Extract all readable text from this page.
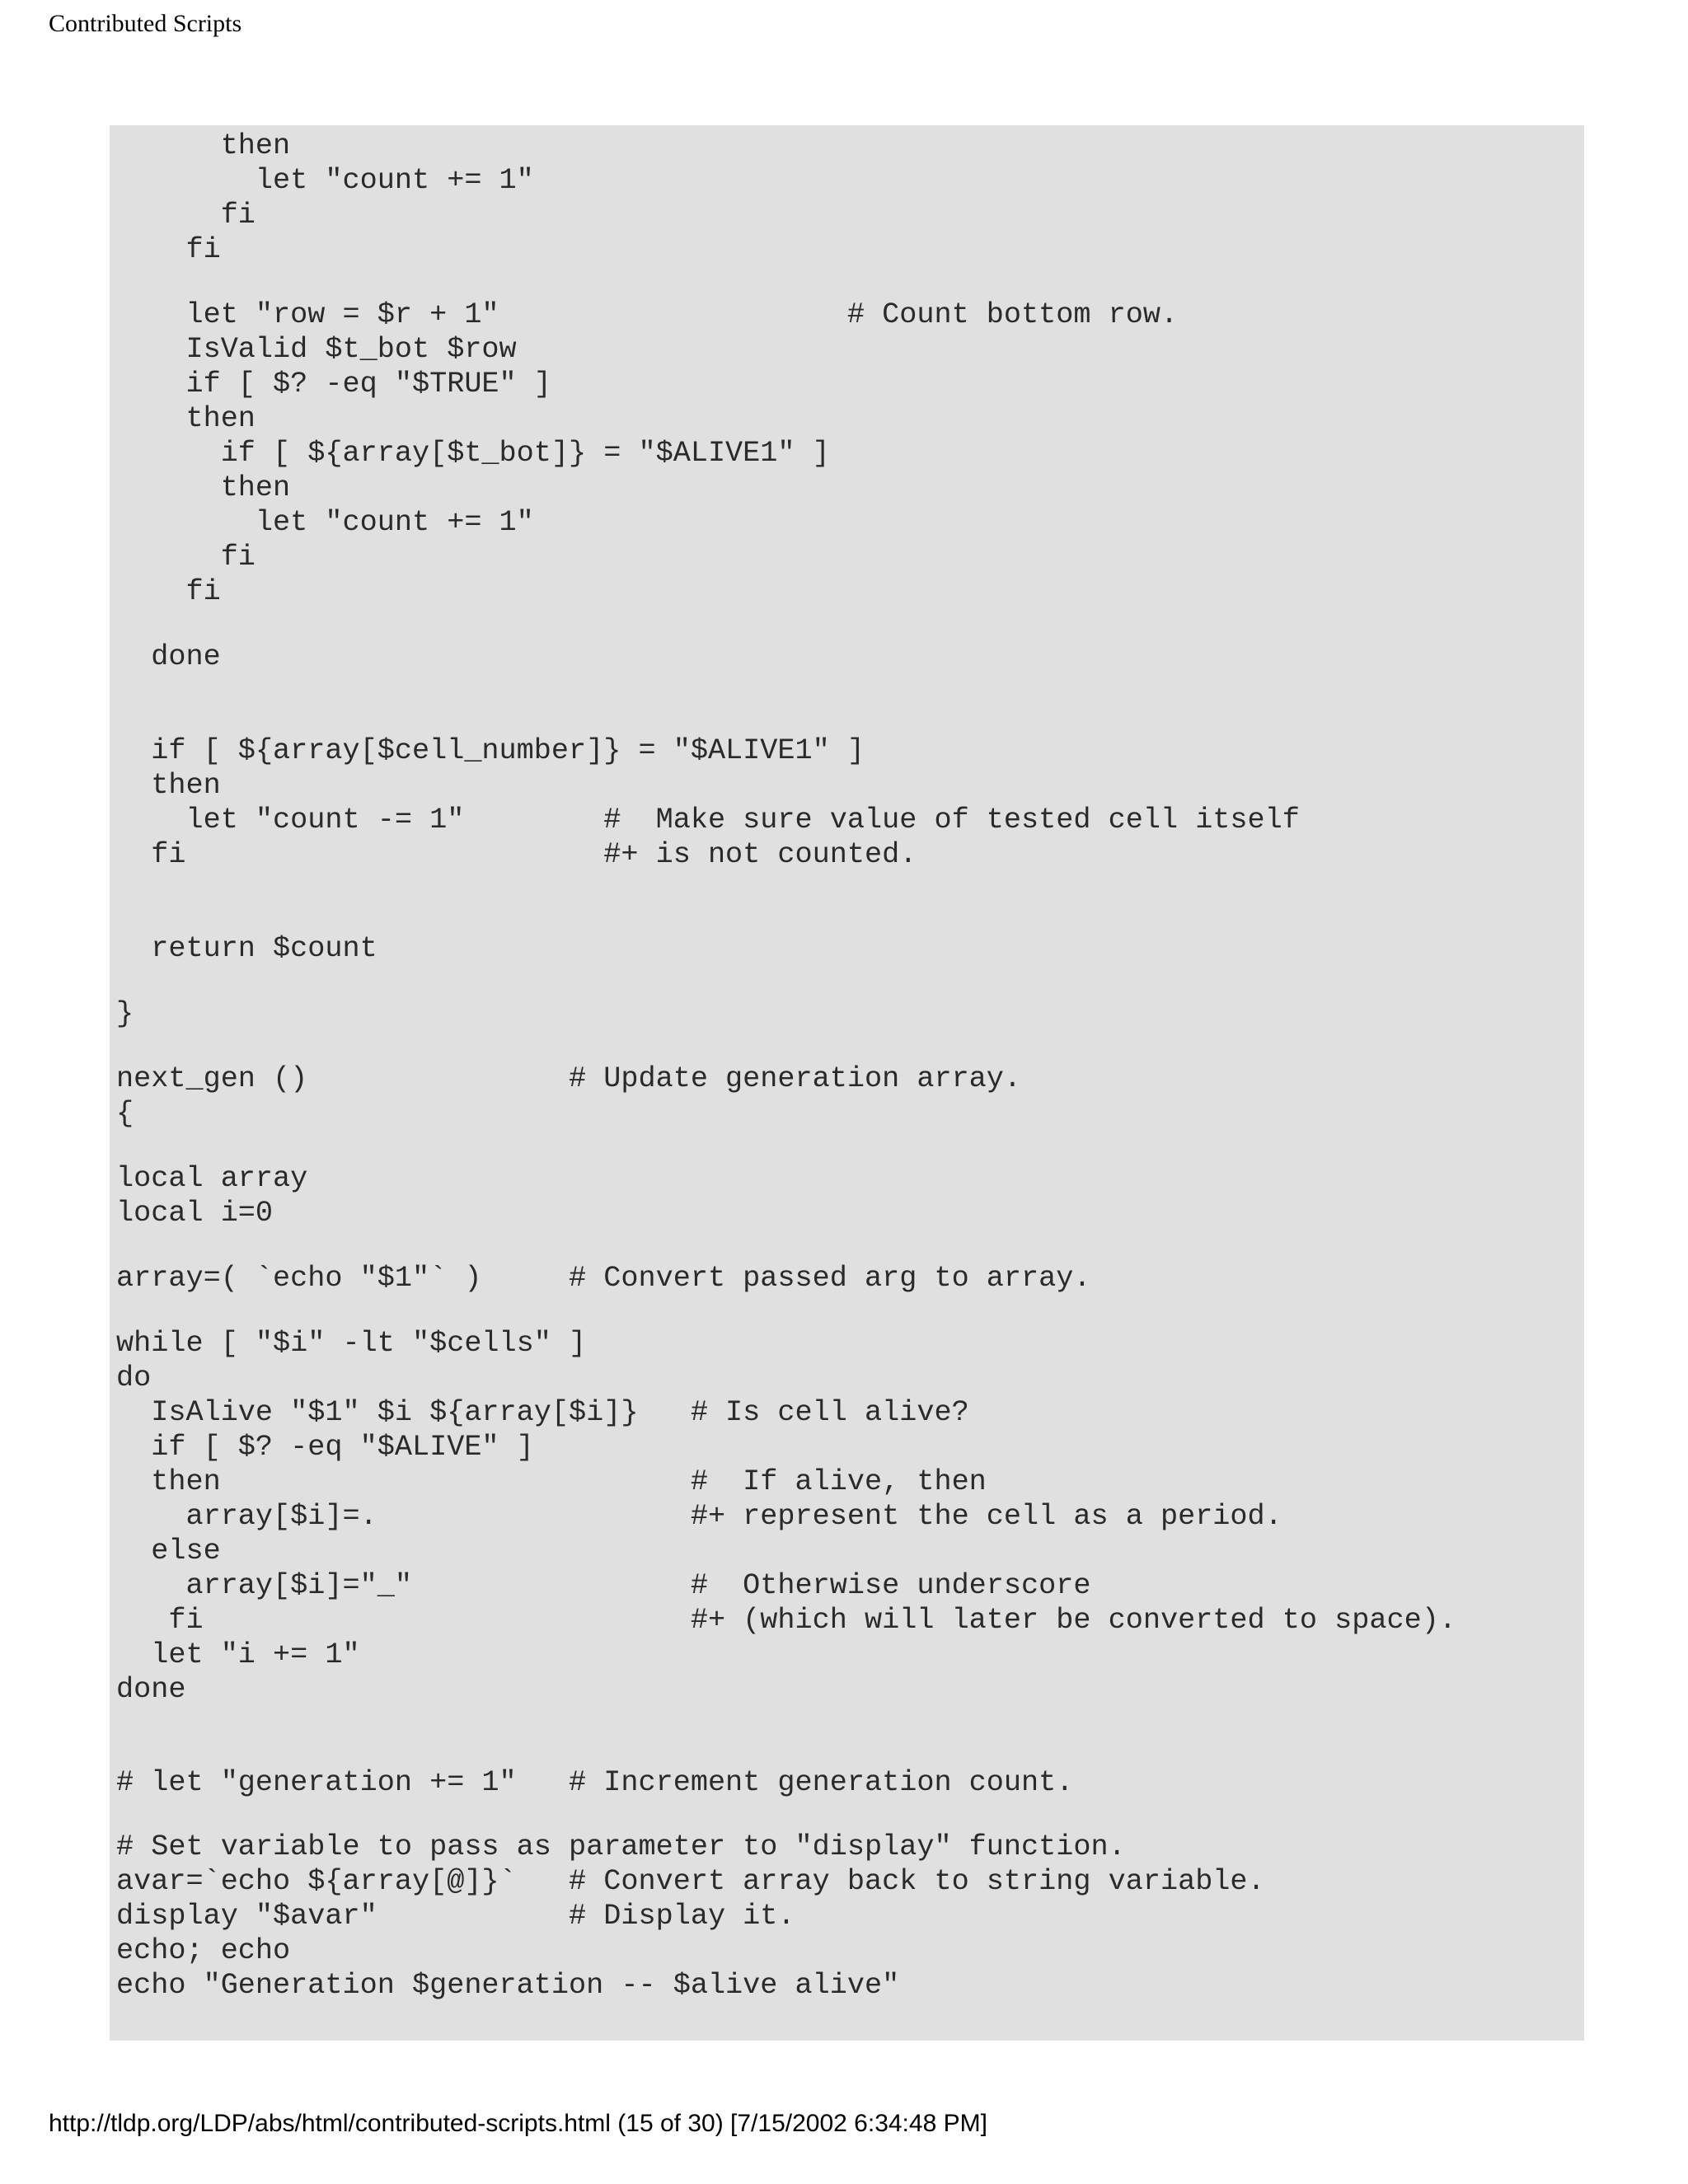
Contributed Scripts
then
let "count += 1"
fi
fi
let "row = $r + 1"                    # Count bottom row.
IsValid $t_bot $row
if [ $? -eq "$TRUE" ]
then
if [ ${array[$t_bot]} = "$ALIVE1" ]
then
let "count += 1"
fi
fi
done
if [ ${array[$cell_number]} = "$ALIVE1" ]
then
let "count -= 1"        #  Make sure value of tested cell itself
fi                        #+ is not counted.
return $count
}
next_gen ()               # Update generation array.
{
local array
local i=0
array=( `echo "$1"` )     # Convert passed arg to array.
while [ "$i" -lt "$cells" ]
do
IsAlive "$1" $i ${array[$i]}   # Is cell alive?
if [ $? -eq "$ALIVE" ]
then                           #  If alive, then
array[$i]=.                  #+ represent the cell as a period.
else
array[$i]="_"                #  Otherwise underscore
fi                            #+ (which will later be converted to space).
let "i += 1"
done
# let "generation += 1"   # Increment generation count.
# Set variable to pass as parameter to "display" function.
avar=`echo ${array[@]}`   # Convert array back to string variable.
display "$avar"           # Display it.
echo; echo
echo "Generation $generation -- $alive alive"
http://tldp.org/LDP/abs/html/contributed-scripts.html (15 of 30) [7/15/2002 6:34:48 PM]
